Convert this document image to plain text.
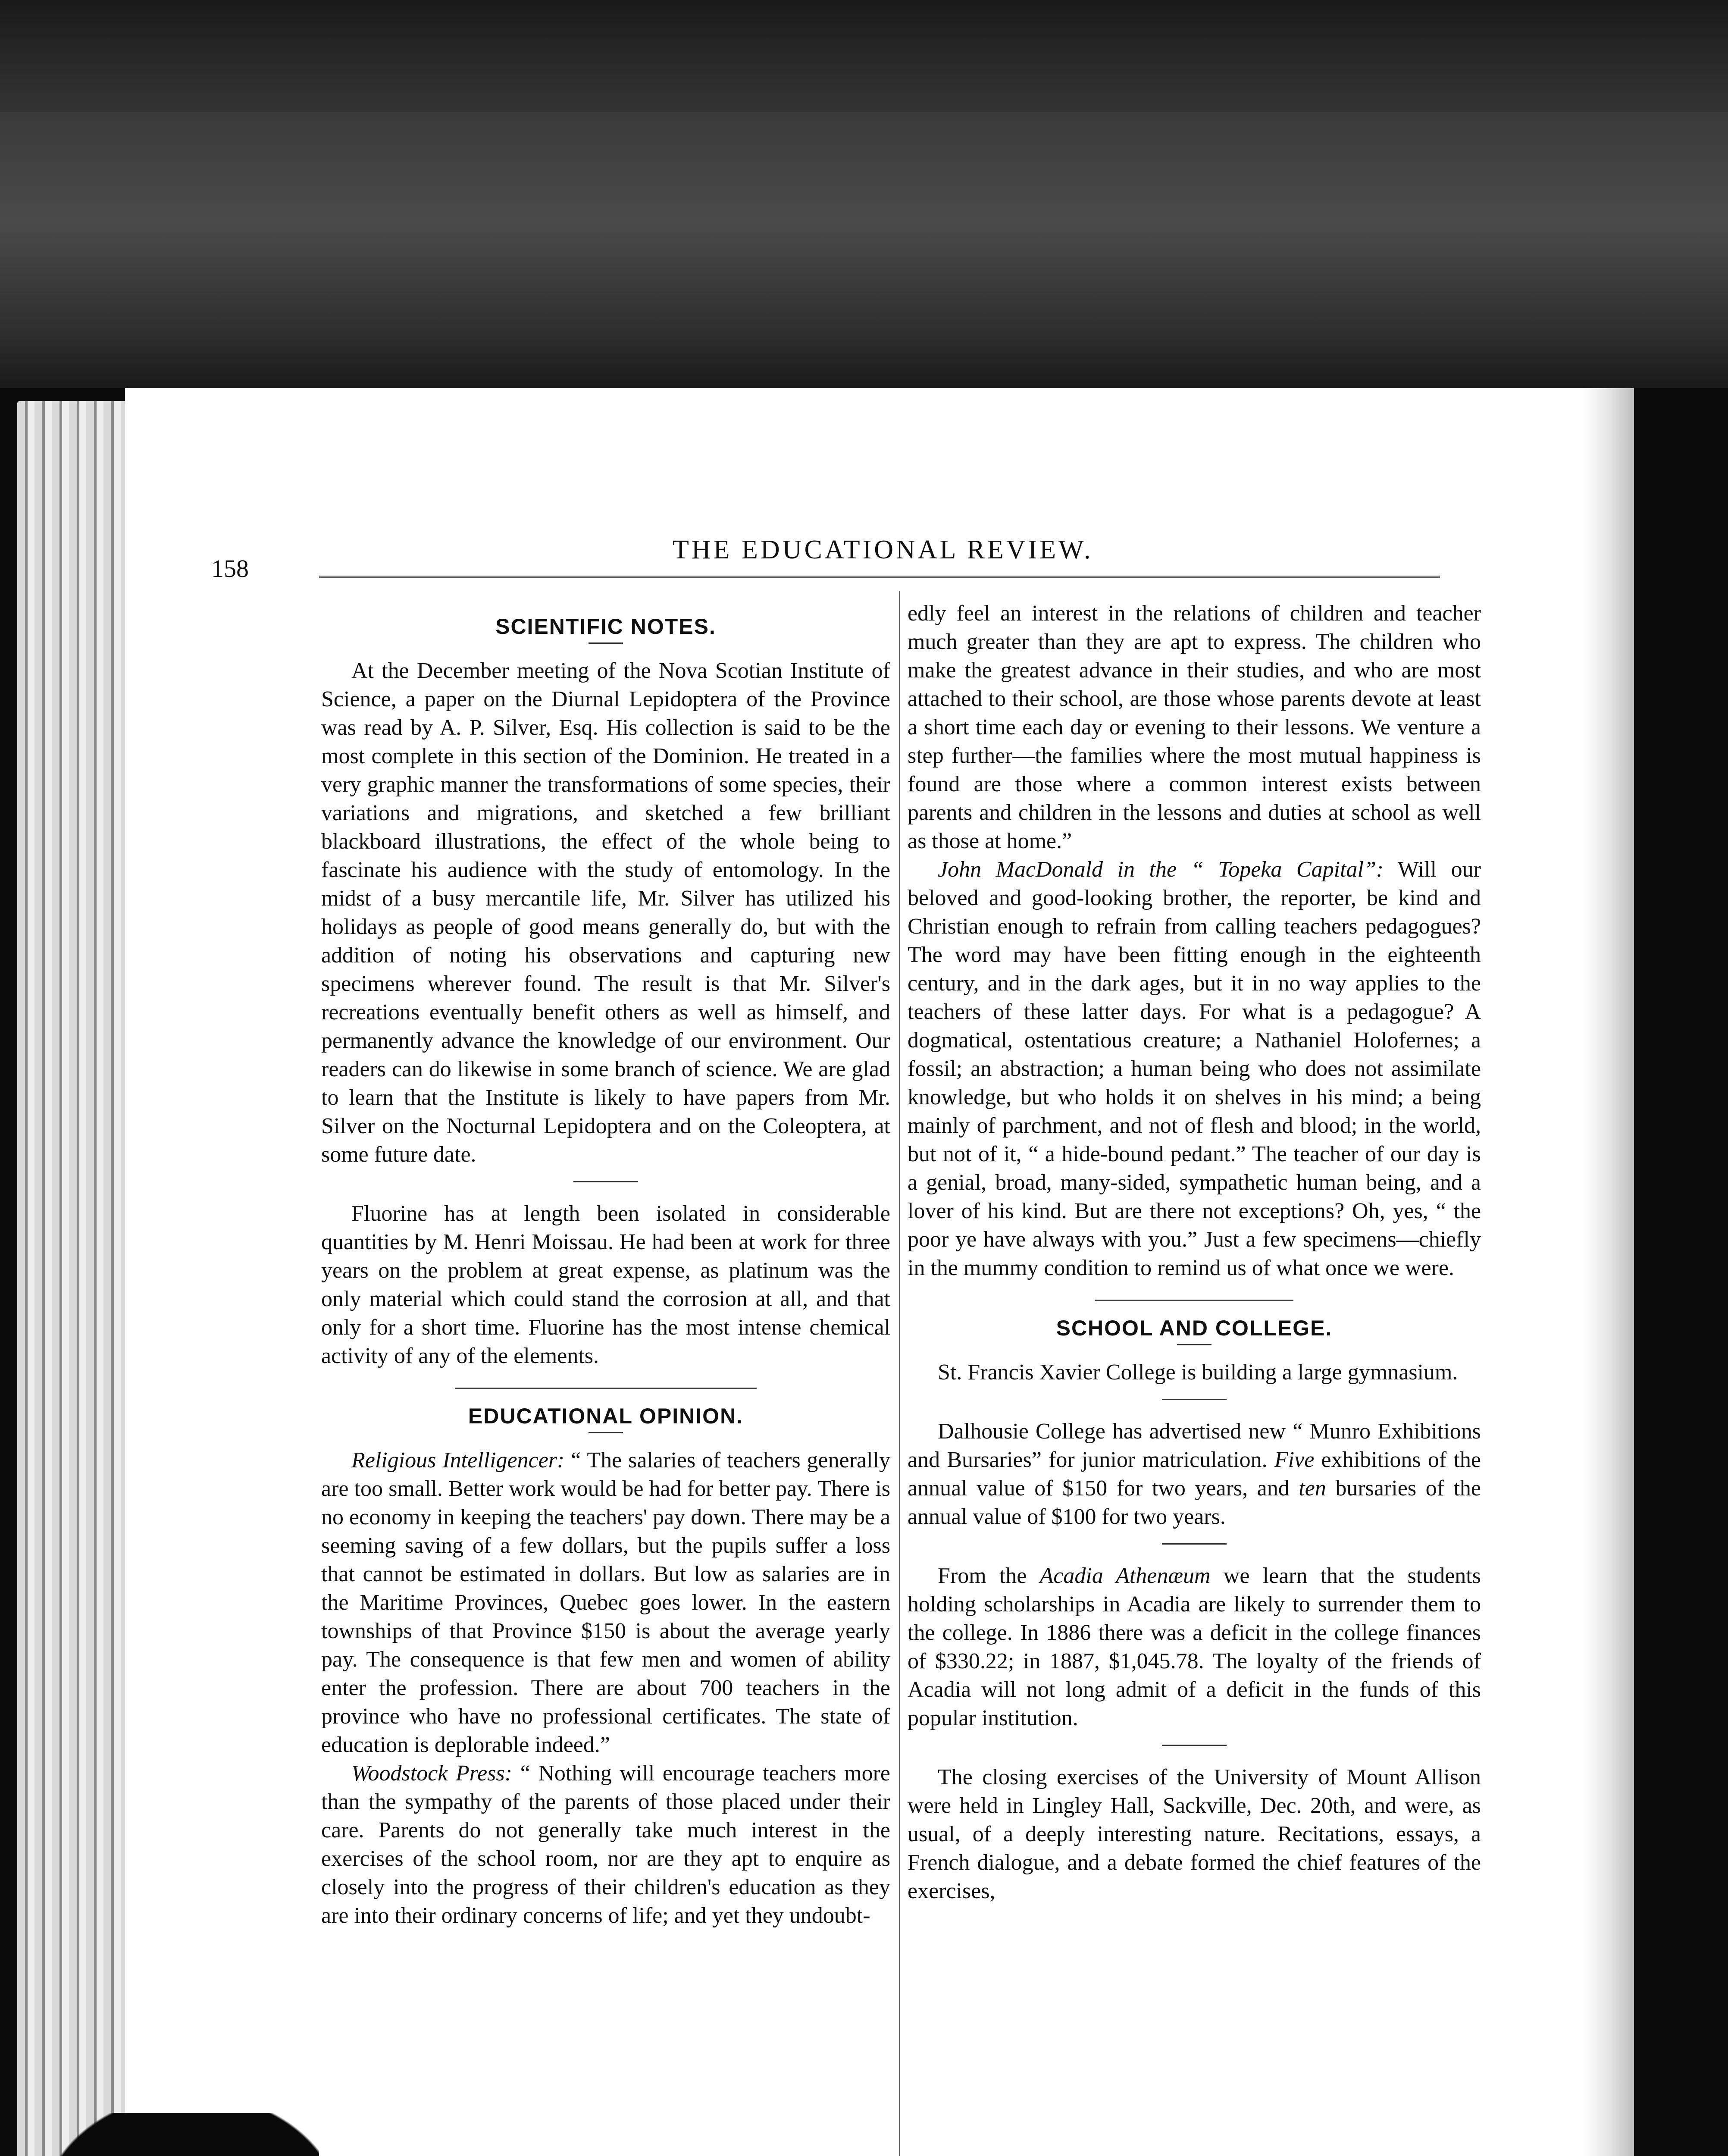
158
THE EDUCATIONAL REVIEW.
SCIENTIFIC NOTES.

At the December meeting of the Nova Scotian Institute of Science, a paper on the Diurnal Lepidoptera of the Province was read by A. P. Silver, Esq. His collection is said to be the most complete in this section of the Dominion. He treated in a very graphic manner the transformations of some species, their variations and migrations, and sketched a few brilliant blackboard illustrations, the effect of the whole being to fascinate his audience with the study of entomology. In the midst of a busy mercantile life, Mr. Silver has utilized his holidays as people of good means generally do, but with the addition of noting his observations and capturing new specimens wherever found. The result is that Mr. Silver's recreations eventually benefit others as well as himself, and permanently advance the knowledge of our environment. Our readers can do likewise in some branch of science. We are glad to learn that the Institute is likely to have papers from Mr. Silver on the Nocturnal Lepidoptera and on the Coleoptera, at some future date.

Fluorine has at length been isolated in considerable quantities by M. Henri Moissau. He had been at work for three years on the problem at great expense, as platinum was the only material which could stand the corrosion at all, and that only for a short time. Fluorine has the most intense chemical activity of any of the elements.

EDUCATIONAL OPINION.

Religious Intelligencer: “ The salaries of teachers generally are too small. Better work would be had for better pay. There is no economy in keeping the teachers' pay down. There may be a seeming saving of a few dollars, but the pupils suffer a loss that cannot be estimated in dollars. But low as salaries are in the Maritime Provinces, Quebec goes lower. In the eastern townships of that Province $150 is about the average yearly pay. The consequence is that few men and women of ability enter the profession. There are about 700 teachers in the province who have no professional certificates. The state of education is deplorable indeed.”

Woodstock Press: “ Nothing will encourage teachers more than the sympathy of the parents of those placed under their care. Parents do not generally take much interest in the exercises of the school room, nor are they apt to enquire as closely into the progress of their children's education as they are into their ordinary concerns of life; and yet they undoubt-

edly feel an interest in the relations of children and teacher much greater than they are apt to express. The children who make the greatest advance in their studies, and who are most attached to their school, are those whose parents devote at least a short time each day or evening to their lessons. We venture a step further—the families where the most mutual happiness is found are those where a common interest exists between parents and children in the lessons and duties at school as well as those at home.”

John MacDonald in the “ Topeka Capital”: Will our beloved and good-looking brother, the reporter, be kind and Christian enough to refrain from calling teachers pedagogues? The word may have been fitting enough in the eighteenth century, and in the dark ages, but it in no way applies to the teachers of these latter days. For what is a pedagogue? A dogmatical, ostentatious creature; a Nathaniel Holofernes; a fossil; an abstraction; a human being who does not assimilate knowledge, but who holds it on shelves in his mind; a being mainly of parchment, and not of flesh and blood; in the world, but not of it, “ a hide-bound pedant.” The teacher of our day is a genial, broad, many-sided, sympathetic human being, and a lover of his kind. But are there not exceptions? Oh, yes, “ the poor ye have always with you.” Just a few specimens—chiefly in the mummy condition to remind us of what once we were.

SCHOOL AND COLLEGE.

St. Francis Xavier College is building a large gymnasium.

Dalhousie College has advertised new “ Munro Exhibitions and Bursaries” for junior matriculation. Five exhibitions of the annual value of $150 for two years, and ten bursaries of the annual value of $100 for two years.

From the Acadia Athenæum we learn that the students holding scholarships in Acadia are likely to surrender them to the college. In 1886 there was a deficit in the college finances of $330.22; in 1887, $1,045.78. The loyalty of the friends of Acadia will not long admit of a deficit in the funds of this popular institution.

The closing exercises of the University of Mount Allison were held in Lingley Hall, Sackville, Dec. 20th, and were, as usual, of a deeply interesting nature. Recitations, essays, a French dialogue, and a debate formed the chief features of the exercises,
